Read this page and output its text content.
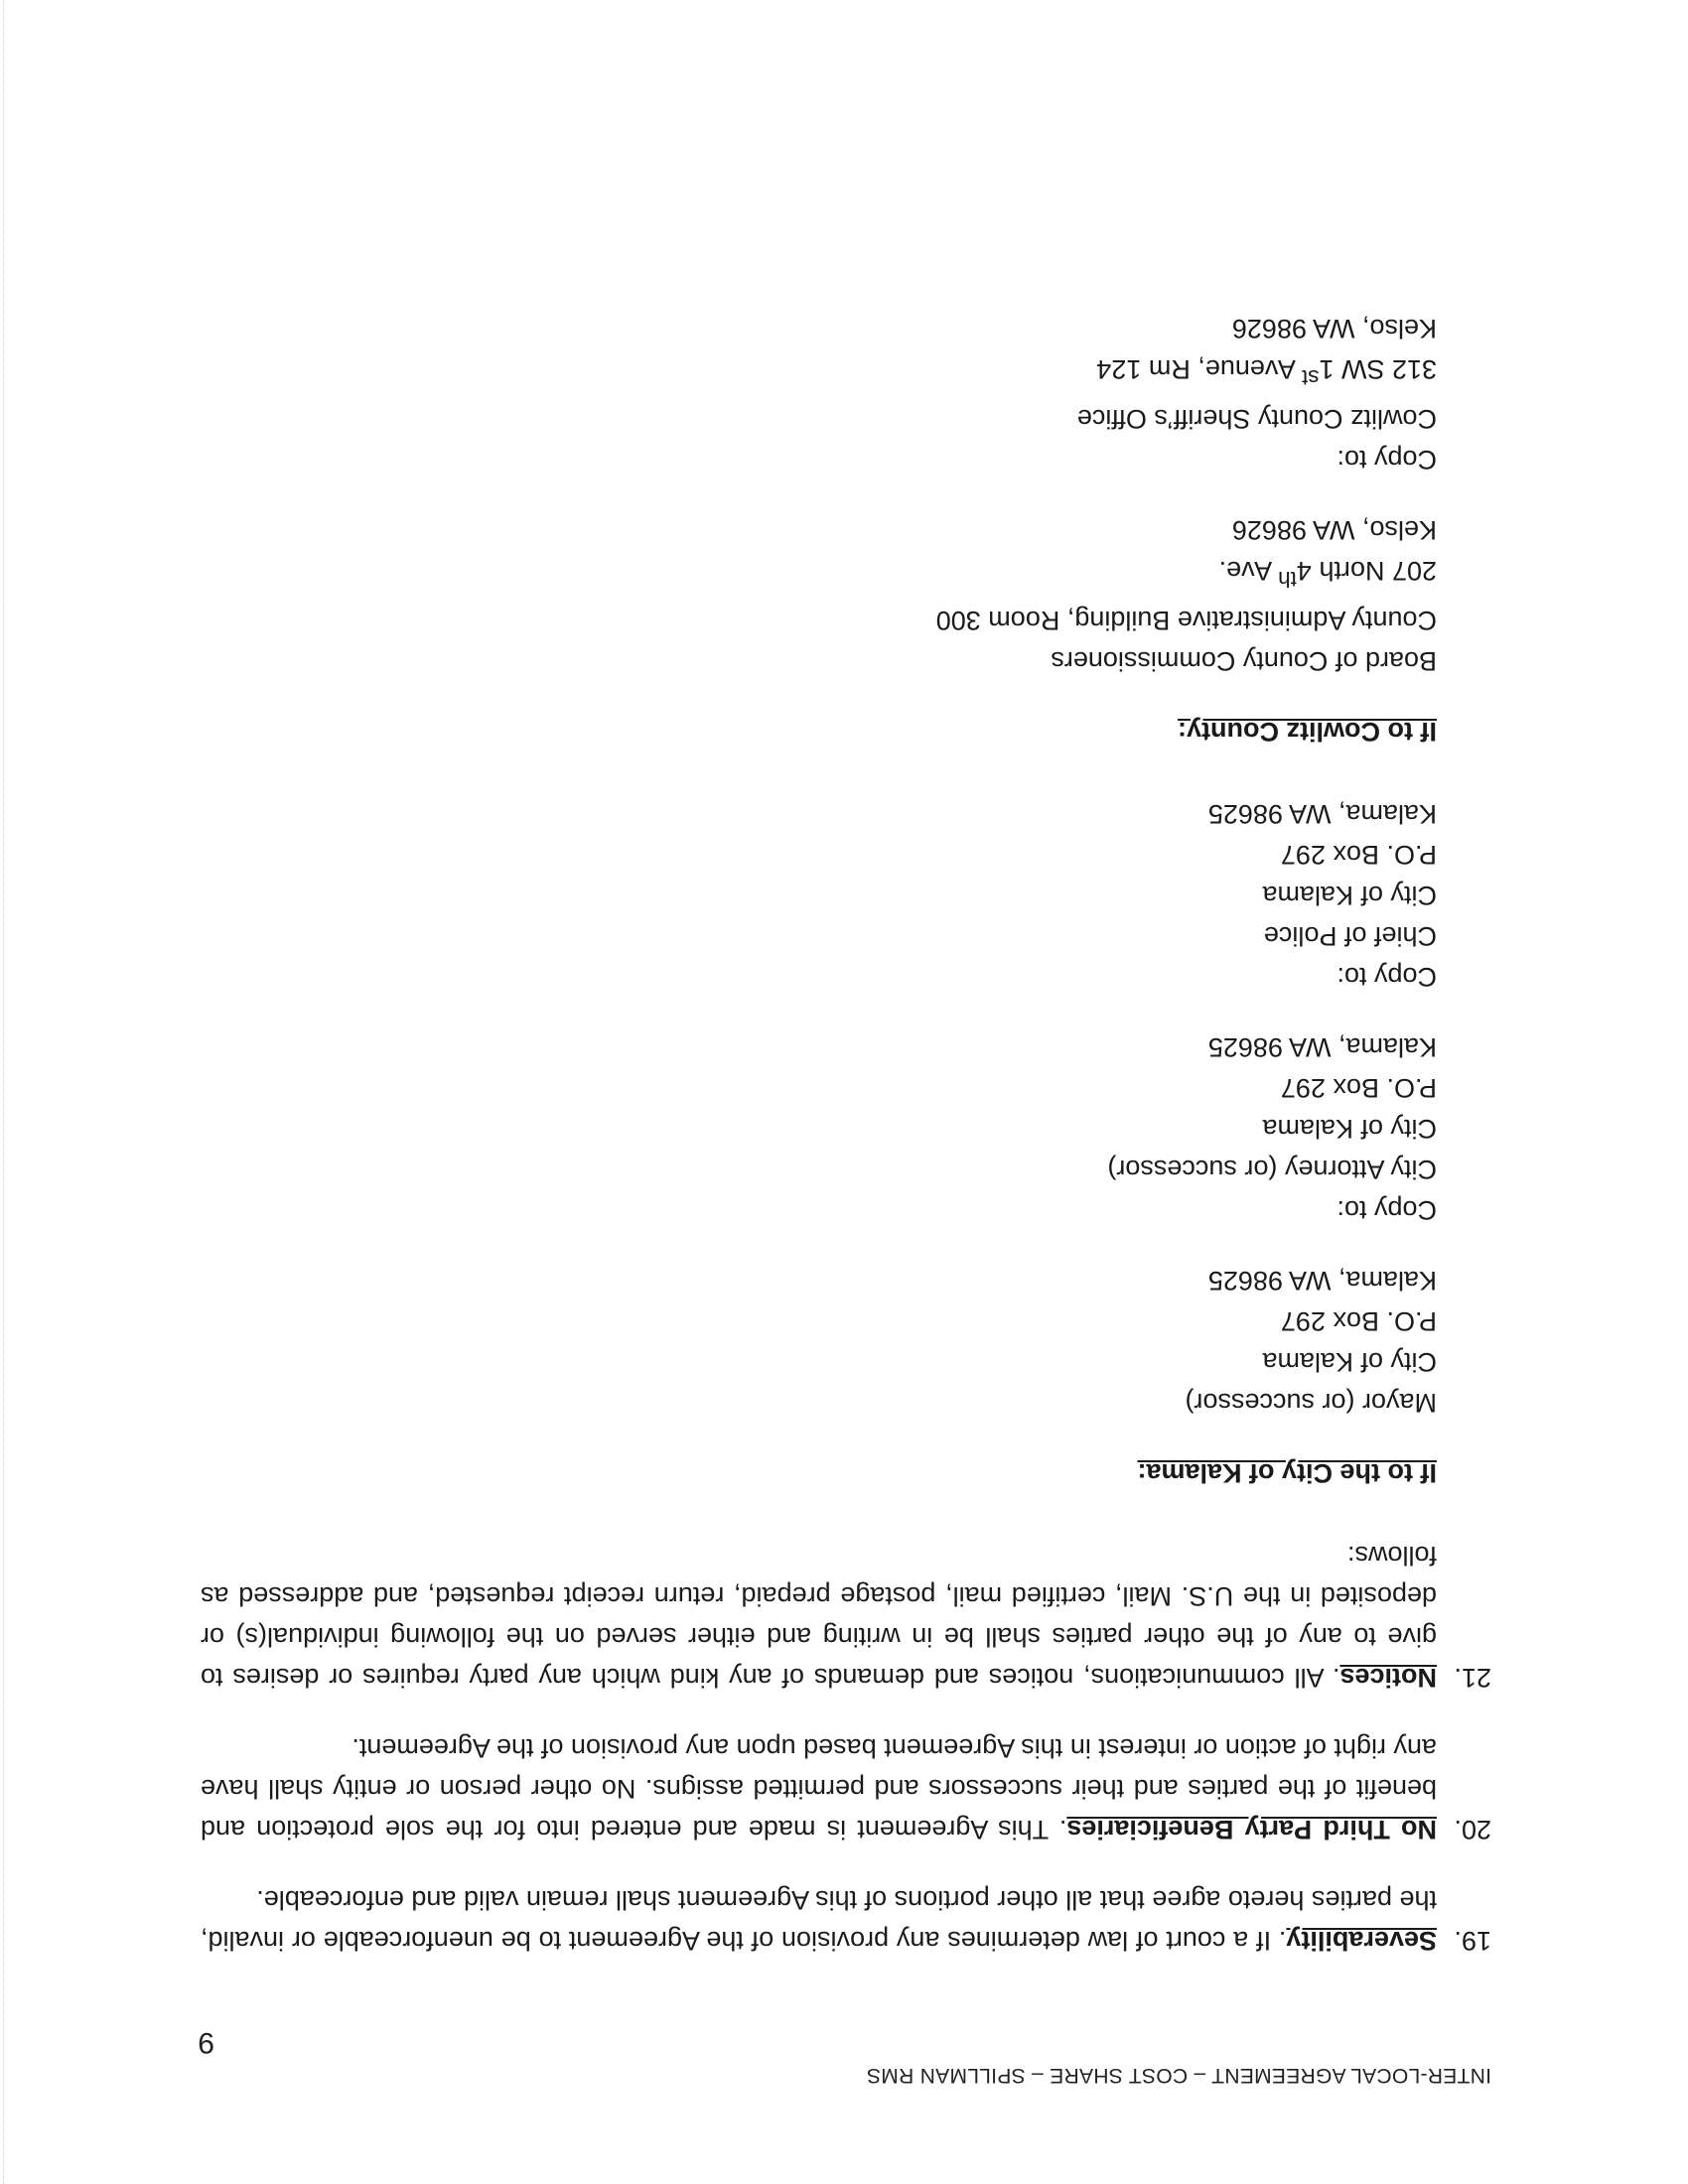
INTER-LOCAL AGREEMENT – COST SHARE – SPILLMAN RMS
9
19.
Severability. If a court of law determines any provision of the Agreement to be unenforceable or invalid, the parties hereto agree that all other portions of this Agreement shall remain valid and enforceable.
20.
No Third Party Beneficiaries. This Agreement is made and entered into for the sole protection and benefit of the parties and their successors and permitted assigns. No other person or entity shall have any right of action or interest in this Agreement based upon any provision of the Agreement.
21.
Notices. All communications, notices and demands of any kind which any party requires or desires to give to any of the other parties shall be in writing and either served on the following individual(s) or deposited in the U.S. Mail, certified mail, postage prepaid, return receipt requested, and addressed as follows:
If to the City of Kalama:
Mayor (or successor)
City of Kalama
P.O. Box 297
Kalama, WA 98625
Copy to:
City Attorney (or successor)
City of Kalama
P.O. Box 297
Kalama, WA 98625
Copy to:
Chief of Police
City of Kalama
P.O. Box 297
Kalama, WA 98625
If to Cowlitz County:
Board of County Commissioners
County Administrative Building, Room 300
207 North 4th Ave.
Kelso, WA 98626
Copy to:
Cowlitz County Sheriff’s Office
312 SW 1st Avenue, Rm 124
Kelso, WA 98626
